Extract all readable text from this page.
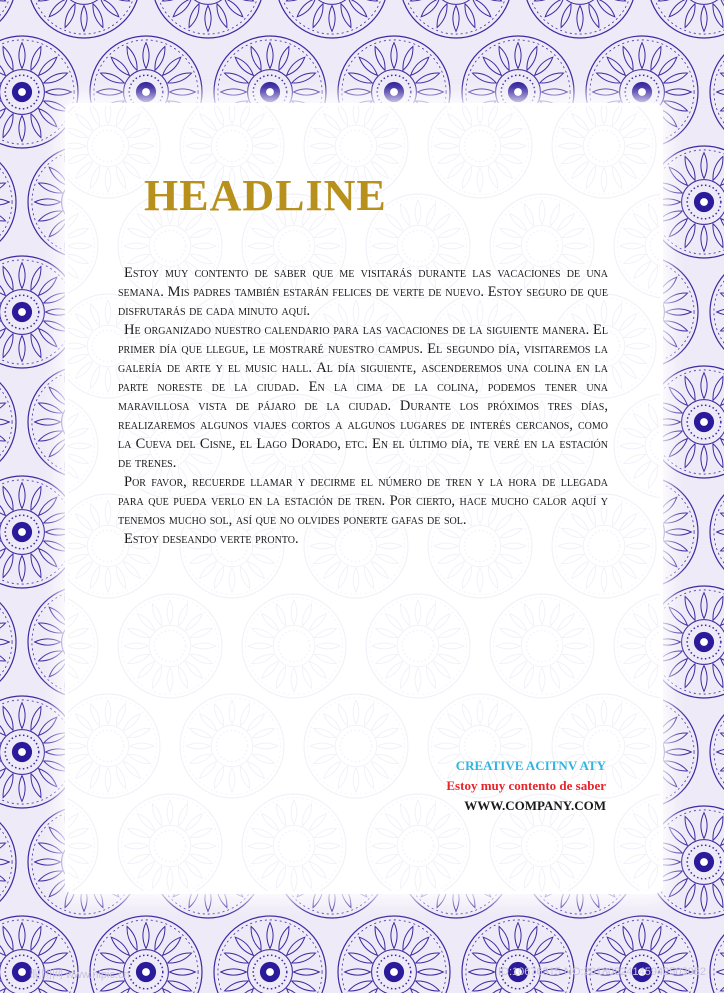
HEADLINE

Estoy muy contento de saber que me visitarás durante las vacaciones de una semana. Mis padres también estarán felices de verte de nuevo. Estoy seguro de que disfrutarás de cada minuto aquí.

He organizado nuestro calendario para las vacaciones de la siguiente manera. El primer día que llegue, le mostraré nuestro campus. El segundo día, visitaremos la galería de arte y el music hall. Al día siguiente, ascenderemos una colina en la parte noreste de la ciudad. En la cima de la colina, podemos tener una maravillosa vista de pájaro de la ciudad. Durante los próximos tres días, realizaremos algunos viajes cortos a algunos lugares de interés cercanos, como la Cueva del Cisne, el Lago Dorado, etc. En el último día, te veré en la estación de trenes.

Por favor, recuerde llamar y decirme el número de tren y la hora de llegada para que pueda verlo en la estación de tren. Por cierto, hace mucho calor aquí y tenemos mucho sol, así que no olvides ponerte gafas de sol.

Estoy deseando verte pronto.

CREATIVE ACITNV ATY
Estoy muy contento de saber
WWW.COMPANY.COM
昵图网 www.nipic.cn	ID:10676315 NO:20180824145942503082
